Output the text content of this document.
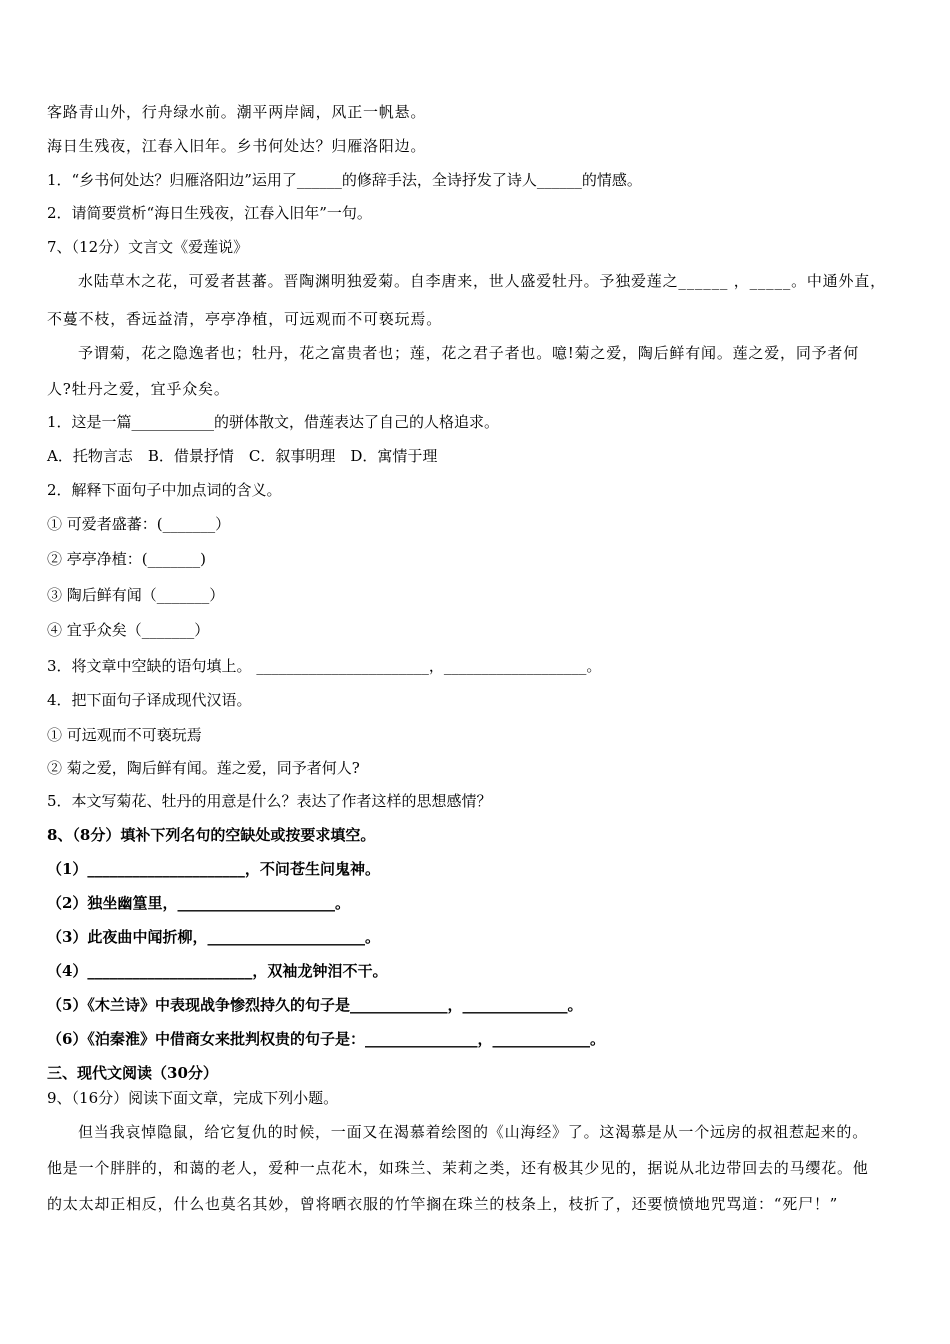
客路青山外，行舟绿水前。潮平两岸阔，风正一帆悬。
海日生残夜，江春入旧年。乡书何处达？归雁洛阳边。
1．“乡书何处达？归雁洛阳边”运用了______的修辞手法，全诗抒发了诗人______的情感。
2．请简要赏析“海日生残夜，江春入旧年”一句。
7、（12分）文言文《爱莲说》
水陆草木之花，可爱者甚蕃。晋陶渊明独爱菊。自李唐来，世人盛爱牡丹。予独爱莲之______ ，_____。中通外直，
不蔓不枝，香远益清，亭亭净植，可远观而不可亵玩焉。
予谓菊，花之隐逸者也；牡丹，花之富贵者也；莲，花之君子者也。噫!菊之爱，陶后鲜有闻。莲之爱，同予者何
人?牡丹之爱，宜乎众矣。
1．这是一篇___________的骈体散文，借莲表达了自己的人格追求。
A．托物言志　B．借景抒情　C．叙事明理　D．寓情于理
2．解释下面句子中加点词的含义。
① 可爱者盛蕃：(_______）
② 亭亭净植：(_______)
③ 陶后鲜有闻（_______）
④ 宜乎众矣（_______）
3．将文章中空缺的语句填上。 _______________________，___________________。
4．把下面句子译成现代汉语。
① 可远观而不可亵玩焉
② 菊之爱，陶后鲜有闻。莲之爱，同予者何人?
5．本文写菊花、牡丹的用意是什么？表达了作者这样的思想感情？
8、（8分）填补下列名句的空缺处或按要求填空。
（1）_____________________，不问苍生问鬼神。
（2）独坐幽篁里，_____________________。
（3）此夜曲中闻折柳，_____________________。
（4）______________________，双袖龙钟泪不干。
（5）《木兰诗》中表现战争惨烈持久的句子是_____________，______________。
（6）《泊秦淮》中借商女来批判权贵的句子是：_______________，_____________。
三、现代文阅读（30分）
9、（16分）阅读下面文章，完成下列小题。
但当我哀悼隐鼠，给它复仇的时候，一面又在渴慕着绘图的《山海经》了。这渴慕是从一个远房的叔祖惹起来的。
他是一个胖胖的，和蔼的老人，爱种一点花木，如珠兰、茉莉之类，还有极其少见的，据说从北边带回去的马缨花。他
的太太却正相反，什么也莫名其妙，曾将晒衣服的竹竿搁在珠兰的枝条上，枝折了，还要愤愤地咒骂道：“死尸！”
